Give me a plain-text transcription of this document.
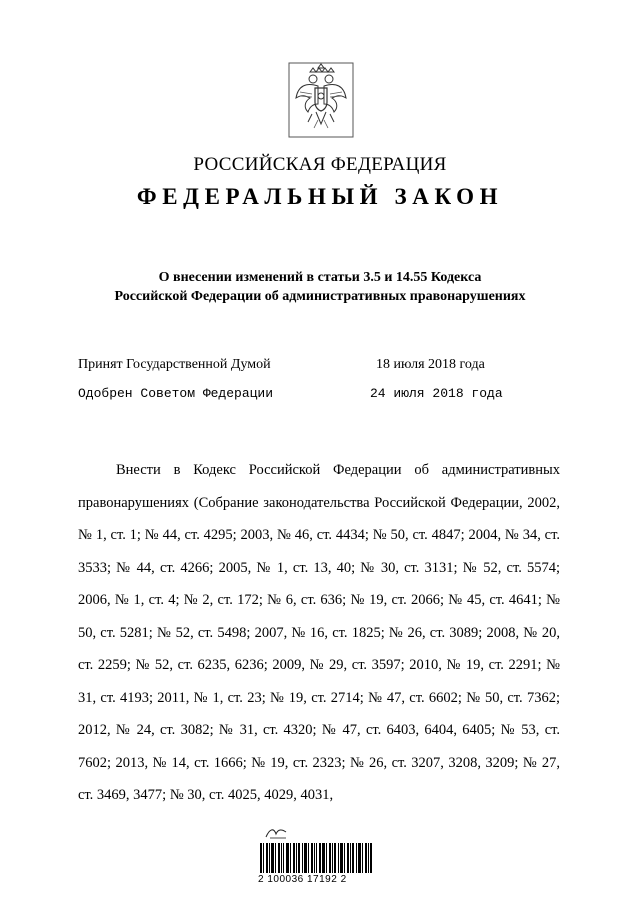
РОССИЙСКАЯ ФЕДЕРАЦИЯ
ФЕДЕРАЛЬНЫЙ ЗАКОН
О внесении изменений в статьи 3.5 и 14.55 Кодекса
Российской Федерации об административных правонарушениях
Принят Государственной Думой	18 июля 2018 года
Одобрен Советом Федерации	24 июля 2018 года
Внести в Кодекс Российской Федерации об административных правонарушениях (Собрание законодательства Российской Федерации, 2002, № 1, ст. 1; № 44, ст. 4295; 2003, № 46, ст. 4434; № 50, ст. 4847; 2004, № 34, ст. 3533; № 44, ст. 4266; 2005, № 1, ст. 13, 40; № 30, ст. 3131; № 52, ст. 5574; 2006, № 1, ст. 4; № 2, ст. 172; № 6, ст. 636; № 19, ст. 2066; № 45, ст. 4641; № 50, ст. 5281; № 52, ст. 5498; 2007, № 16, ст. 1825; № 26, ст. 3089; 2008, № 20, ст. 2259; № 52, ст. 6235, 6236; 2009, № 29, ст. 3597; 2010, № 19, ст. 2291; № 31, ст. 4193; 2011, № 1, ст. 23; № 19, ст. 2714; № 47, ст. 6602; № 50, ст. 7362; 2012, № 24, ст. 3082; № 31, ст. 4320; № 47, ст. 6403, 6404, 6405; № 53, ст. 7602; 2013, № 14, ст. 1666; № 19, ст. 2323; № 26, ст. 3207, 3208, 3209; № 27, ст. 3469, 3477; № 30, ст. 4025, 4029, 4031,
2 100036 17192 2
